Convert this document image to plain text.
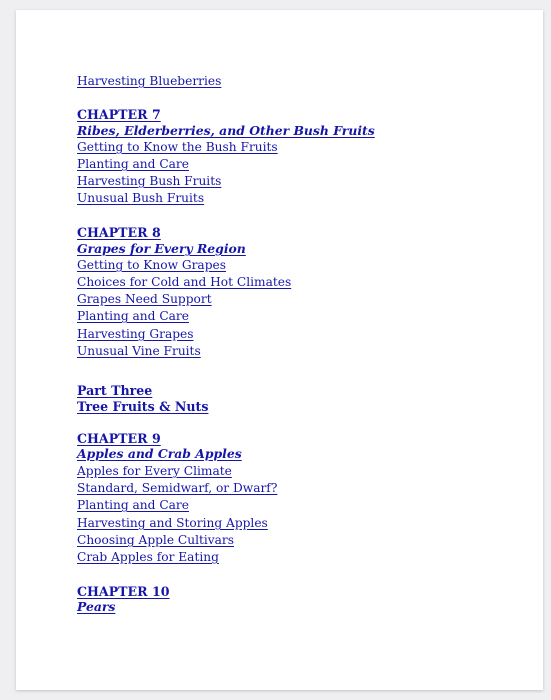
Harvesting Blueberries
CHAPTER 7
Ribes, Elderberries, and Other Bush Fruits
Getting to Know the Bush Fruits
Planting and Care
Harvesting Bush Fruits
Unusual Bush Fruits
CHAPTER 8
Grapes for Every Region
Getting to Know Grapes
Choices for Cold and Hot Climates
Grapes Need Support
Planting and Care
Harvesting Grapes
Unusual Vine Fruits
Part Three
Tree Fruits & Nuts
CHAPTER 9
Apples and Crab Apples
Apples for Every Climate
Standard, Semidwarf, or Dwarf?
Planting and Care
Harvesting and Storing Apples
Choosing Apple Cultivars
Crab Apples for Eating
CHAPTER 10
Pears
